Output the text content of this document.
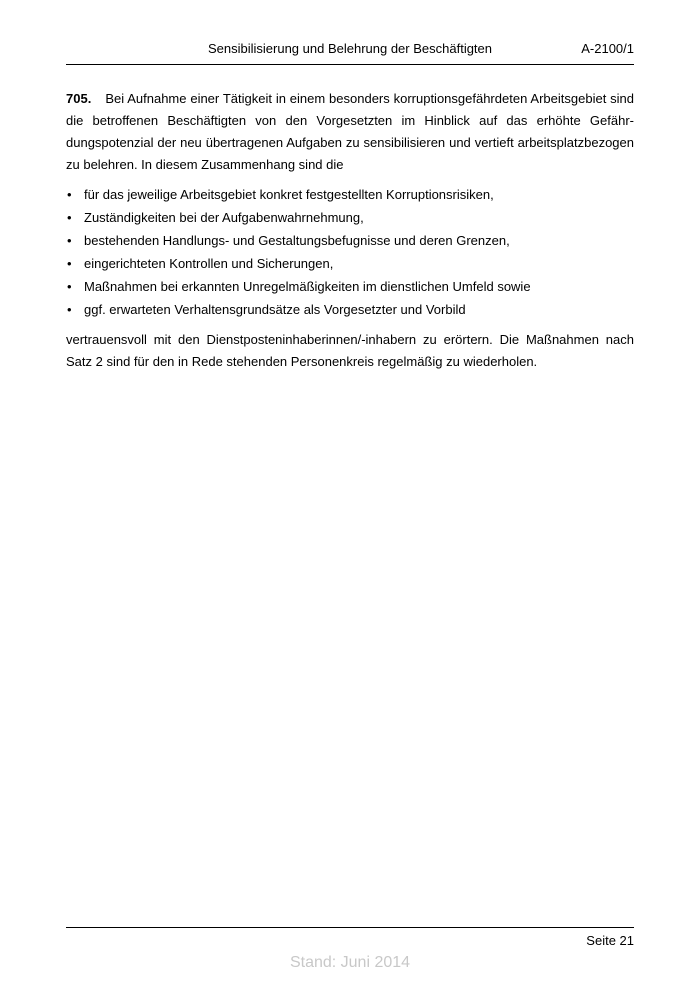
Sensibilisierung und Belehrung der Beschäftigten	A-2100/1
705. Bei Aufnahme einer Tätigkeit in einem besonders korruptionsgefährdeten Arbeitsgebiet sind die betroffenen Beschäftigten von den Vorgesetzten im Hinblick auf das erhöhte Gefährdungspotenzial der neu übertragenen Aufgaben zu sensibilisieren und vertieft arbeitsplatzbezogen zu belehren. In diesem Zusammenhang sind die
• für das jeweilige Arbeitsgebiet konkret festgestellten Korruptionsrisiken,
• Zuständigkeiten bei der Aufgabenwahrnehmung,
• bestehenden Handlungs- und Gestaltungsbefugnisse und deren Grenzen,
• eingerichteten Kontrollen und Sicherungen,
• Maßnahmen bei erkannten Unregelmäßigkeiten im dienstlichen Umfeld sowie
• ggf. erwarteten Verhaltensgrundsätze als Vorgesetzter und Vorbild
vertrauensvoll mit den Dienstposteninhaberinnen/-inhabern zu erörtern. Die Maßnahmen nach Satz 2 sind für den in Rede stehenden Personenkreis regelmäßig zu wiederholen.
Seite 21
Stand: Juni 2014
